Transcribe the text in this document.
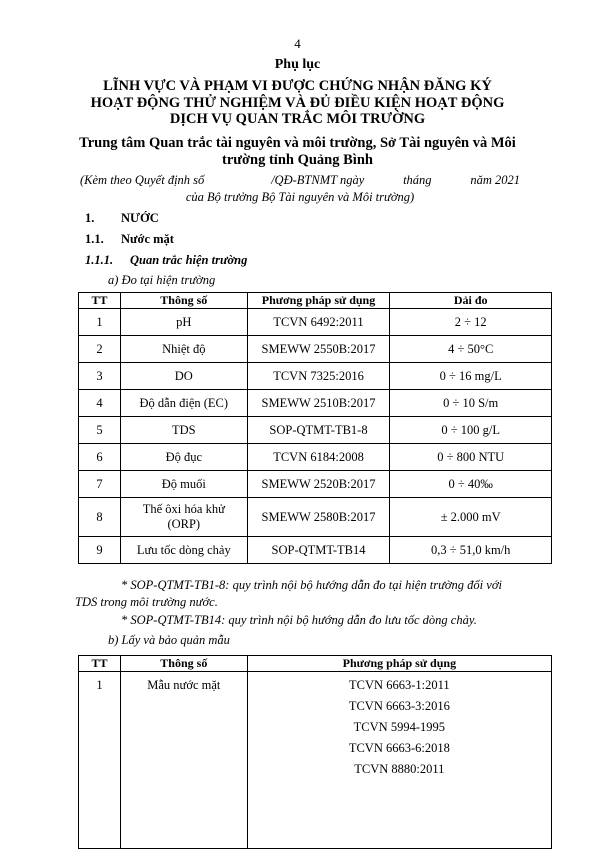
4
Phụ lục
LĨNH VỰC VÀ PHẠM VI ĐƯỢC CHỨNG NHẬN ĐĂNG KÝ
HOẠT ĐỘNG THỬ NGHIỆM VÀ ĐỦ ĐIỀU KIỆN HOẠT ĐỘNG
DỊCH VỤ QUAN TRẮC MÔI TRƯỜNG
Trung tâm Quan trắc tài nguyên và môi trường, Sở Tài nguyên và Môi
trường tỉnh Quảng Bình
(Kèm theo Quyết định số	/QĐ-BTNMT ngày	tháng	năm 2021
của Bộ trưởng Bộ Tài nguyên và Môi trường)
1. NƯỚC
1.1. Nước mặt
1.1.1. Quan trắc hiện trường
a) Đo tại hiện trường
TT	Thông số	Phương pháp sử dụng	Dải đo
1	pH	TCVN 6492:2011	2 ÷ 12
2	Nhiệt độ	SMEWW 2550B:2017	4 ÷ 50°C
3	DO	TCVN 7325:2016	0 ÷ 16 mg/L
4	Độ dẫn điện (EC)	SMEWW 2510B:2017	0 ÷ 10 S/m
5	TDS	SOP-QTMT-TB1-8	0 ÷ 100 g/L
6	Độ đục	TCVN 6184:2008	0 ÷ 800 NTU
7	Độ muối	SMEWW 2520B:2017	0 ÷ 40‰
8	Thế ôxi hóa khử
(ORP)	SMEWW 2580B:2017	± 2.000 mV
9	Lưu tốc dòng chảy	SOP-QTMT-TB14	0,3 ÷ 51,0 km/h
* SOP-QTMT-TB1-8: quy trình nội bộ hướng dẫn đo tại hiện trường đối với
TDS trong môi trường nước.
* SOP-QTMT-TB14: quy trình nội bộ hướng dẫn đo lưu tốc dòng chảy.
b) Lấy và bảo quản mẫu
TT	Thông số	Phương pháp sử dụng
1	Mẫu nước mặt	TCVN 6663-1:2011
TCVN 6663-3:2016
TCVN 5994-1995
TCVN 6663-6:2018
TCVN 8880:2011
